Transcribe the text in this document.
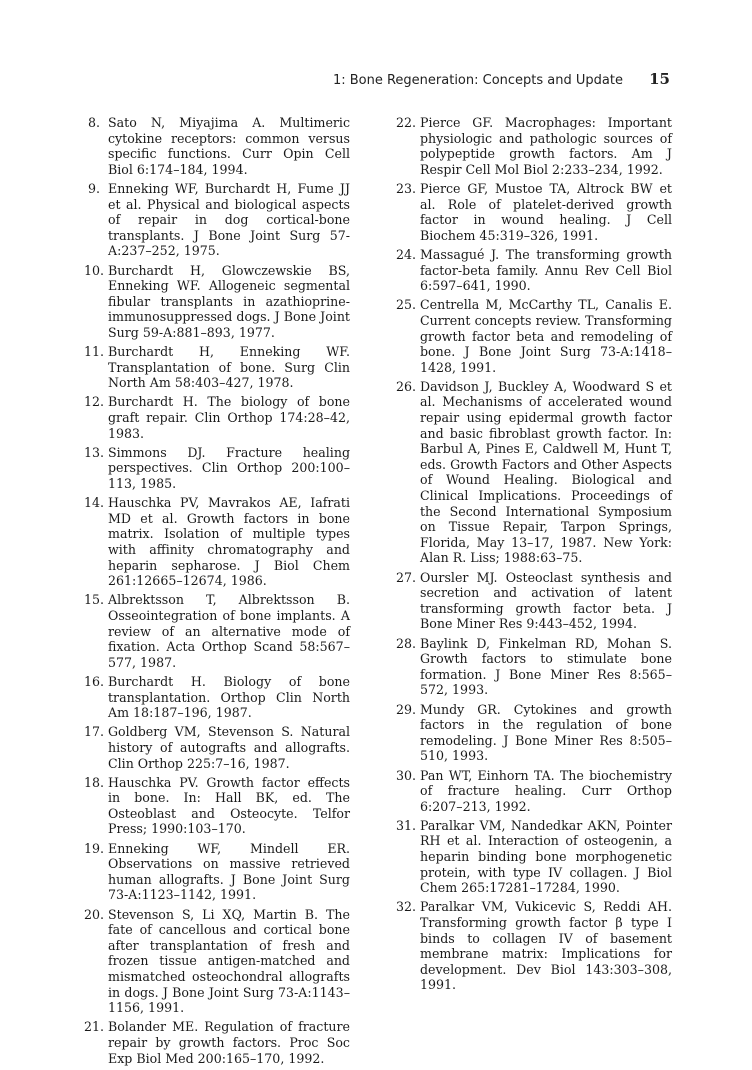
1: Bone Regeneration: Concepts and Update 15
8. Sato N, Miyajima A. Multimeric cytokine receptors: common versus specific functions. Curr Opin Cell Biol 6:174–184, 1994.
9. Enneking WF, Burchardt H, Fume JJ et al. Physical and biological aspects of repair in dog cortical-bone transplants. J Bone Joint Surg 57-A:237–252, 1975.
10. Burchardt H, Glowczewskie BS, Enneking WF. Allogeneic segmental fibular transplants in azathioprine-immunosuppressed dogs. J Bone Joint Surg 59-A:881–893, 1977.
11. Burchardt H, Enneking WF. Transplantation of bone. Surg Clin North Am 58:403–427, 1978.
12. Burchardt H. The biology of bone graft repair. Clin Orthop 174:28–42, 1983.
13. Simmons DJ. Fracture healing perspectives. Clin Orthop 200:100–113, 1985.
14. Hauschka PV, Mavrakos AE, Iafrati MD et al. Growth factors in bone matrix. Isolation of multiple types with affinity chromatography and heparin sepharose. J Biol Chem 261:12665–12674, 1986.
15. Albrektsson T, Albrektsson B. Osseointegration of bone implants. A review of an alternative mode of fixation. Acta Orthop Scand 58:567–577, 1987.
16. Burchardt H. Biology of bone transplantation. Orthop Clin North Am 18:187–196, 1987.
17. Goldberg VM, Stevenson S. Natural history of autografts and allografts. Clin Orthop 225:7–16, 1987.
18. Hauschka PV. Growth factor effects in bone. In: Hall BK, ed. The Osteoblast and Osteocyte. Telfor Press; 1990:103–170.
19. Enneking WF, Mindell ER. Observations on massive retrieved human allografts. J Bone Joint Surg 73-A:1123–1142, 1991.
20. Stevenson S, Li XQ, Martin B. The fate of cancellous and cortical bone after transplantation of fresh and frozen tissue antigen-matched and mismatched osteochondral allografts in dogs. J Bone Joint Surg 73-A:1143–1156, 1991.
21. Bolander ME. Regulation of fracture repair by growth factors. Proc Soc Exp Biol Med 200:165–170, 1992.
22. Pierce GF. Macrophages: Important physiologic and pathologic sources of polypeptide growth factors. Am J Respir Cell Mol Biol 2:233–234, 1992.
23. Pierce GF, Mustoe TA, Altrock BW et al. Role of platelet-derived growth factor in wound healing. J Cell Biochem 45:319–326, 1991.
24. Massagué J. The transforming growth factor-beta family. Annu Rev Cell Biol 6:597–641, 1990.
25. Centrella M, McCarthy TL, Canalis E. Current concepts review. Transforming growth factor beta and remodeling of bone. J Bone Joint Surg 73-A:1418–1428, 1991.
26. Davidson J, Buckley A, Woodward S et al. Mechanisms of accelerated wound repair using epidermal growth factor and basic fibroblast growth factor. In: Barbul A, Pines E, Caldwell M, Hunt T, eds. Growth Factors and Other Aspects of Wound Healing. Biological and Clinical Implications. Proceedings of the Second International Symposium on Tissue Repair, Tarpon Springs, Florida, May 13–17, 1987. New York: Alan R. Liss; 1988:63–75.
27. Oursler MJ. Osteoclast synthesis and secretion and activation of latent transforming growth factor beta. J Bone Miner Res 9:443–452, 1994.
28. Baylink D, Finkelman RD, Mohan S. Growth factors to stimulate bone formation. J Bone Miner Res 8:565–572, 1993.
29. Mundy GR. Cytokines and growth factors in the regulation of bone remodeling. J Bone Miner Res 8:505–510, 1993.
30. Pan WT, Einhorn TA. The biochemistry of fracture healing. Curr Orthop 6:207–213, 1992.
31. Paralkar VM, Nandedkar AKN, Pointer RH et al. Interaction of osteogenin, a heparin binding bone morphogenetic protein, with type IV collagen. J Biol Chem 265:17281–17284, 1990.
32. Paralkar VM, Vukicevic S, Reddi AH. Transforming growth factor β type I binds to collagen IV of basement membrane matrix: Implications for development. Dev Biol 143:303–308, 1991.
